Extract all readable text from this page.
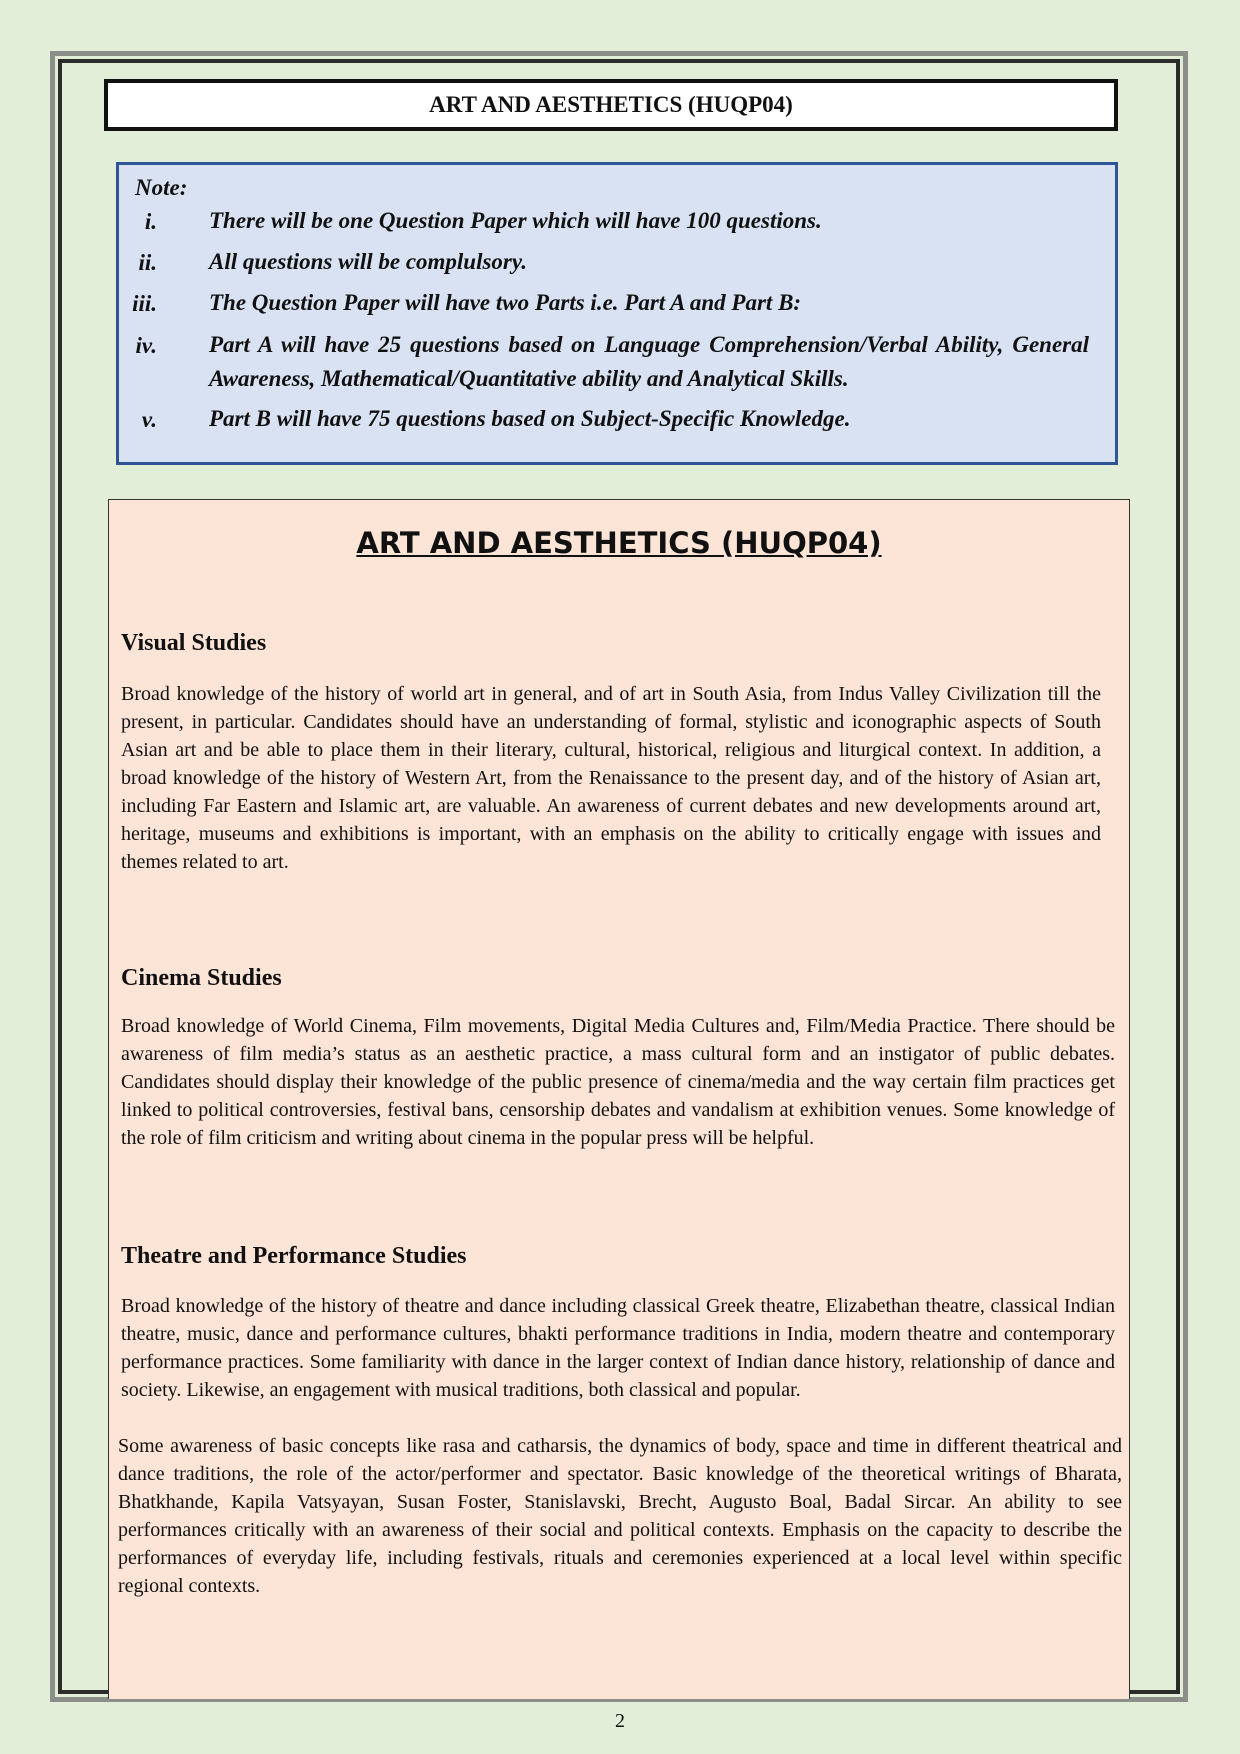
ART AND AESTHETICS (HUQP04)
Note:
i. There will be one Question Paper which will have 100 questions.
ii. All questions will be complulsory.
iii. The Question Paper will have two Parts i.e. Part A and Part B:
iv. Part A will have 25 questions based on Language Comprehension/Verbal Ability, General Awareness, Mathematical/Quantitative ability and Analytical Skills.
v. Part B will have 75 questions based on Subject-Specific Knowledge.
ART AND AESTHETICS (HUQP04)
Visual Studies
Broad knowledge of the history of world art in general, and of art in South Asia, from Indus Valley Civilization till the present, in particular. Candidates should have an understanding of formal, stylistic and iconographic aspects of South Asian art and be able to place them in their literary, cultural, historical, religious and liturgical context. In addition, a broad knowledge of the history of Western Art, from the Renaissance to the present day, and of the history of Asian art, including Far Eastern and Islamic art, are valuable. An awareness of current debates and new developments around art, heritage, museums and exhibitions is important, with an emphasis on the ability to critically engage with issues and themes related to art.
Cinema Studies
Broad knowledge of World Cinema, Film movements, Digital Media Cultures and, Film/Media Practice. There should be awareness of film media’s status as an aesthetic practice, a mass cultural form and an instigator of public debates. Candidates should display their knowledge of the public presence of cinema/media and the way certain film practices get linked to political controversies, festival bans, censorship debates and vandalism at exhibition venues. Some knowledge of the role of film criticism and writing about cinema in the popular press will be helpful.
Theatre and Performance Studies
Broad knowledge of the history of theatre and dance including classical Greek theatre, Elizabethan theatre, classical Indian theatre, music, dance and performance cultures, bhakti performance traditions in India, modern theatre and contemporary performance practices. Some familiarity with dance in the larger context of Indian dance history, relationship of dance and society. Likewise, an engagement with musical traditions, both classical and popular.
Some awareness of basic concepts like rasa and catharsis, the dynamics of body, space and time in different theatrical and dance traditions, the role of the actor/performer and spectator. Basic knowledge of the theoretical writings of Bharata, Bhatkhande, Kapila Vatsyayan, Susan Foster, Stanislavski, Brecht, Augusto Boal, Badal Sircar. An ability to see performances critically with an awareness of their social and political contexts. Emphasis on the capacity to describe the performances of everyday life, including festivals, rituals and ceremonies experienced at a local level within specific regional contexts.
2
